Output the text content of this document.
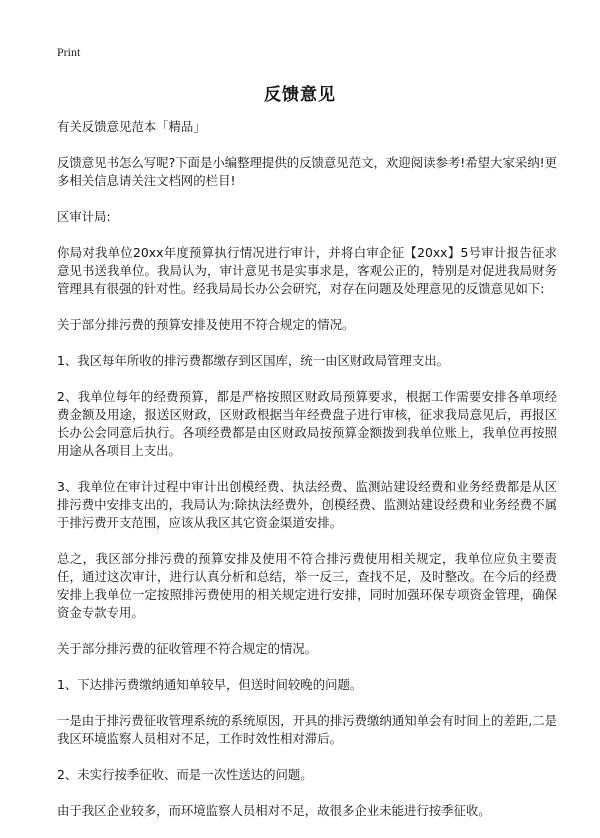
Print
反馈意见

有关反馈意见范本「精品」

反馈意见书怎么写呢?下面是小编整理提供的反馈意见范文，欢迎阅读参考!希望大家采纳!更多相关信息请关注文档网的栏目!

区审计局:

你局对我单位20xx年度预算执行情况进行审计，并将白审企征【20xx】5号审计报告征求意见书送我单位。我局认为，审计意见书是实事求是，客观公正的，特别是对促进我局财务管理具有很强的针对性。经我局局长办公会研究，对存在问题及处理意见的反馈意见如下:

关于部分排污费的预算安排及使用不符合规定的情况。

1、我区每年所收的排污费都缴存到区国库，统一由区财政局管理支出。

2、我单位每年的经费预算，都是严格按照区财政局预算要求，根据工作需要安排各单项经费金额及用途，报送区财政，区财政根据当年经费盘子进行审核，征求我局意见后，再报区长办公会同意后执行。各项经费都是由区财政局按预算金额拨到我单位账上，我单位再按照用途从各项目上支出。

3、我单位在审计过程中审计出创模经费、执法经费、监测站建设经费和业务经费都是从区排污费中安排支出的，我局认为:除执法经费外，创模经费、监测站建设经费和业务经费不属于排污费开支范围，应该从我区其它资金渠道安排。

总之，我区部分排污费的预算安排及使用不符合排污费使用相关规定，我单位应负主要责任，通过这次审计，进行认真分析和总结，举一反三，查找不足，及时整改。在今后的经费安排上我单位一定按照排污费使用的相关规定进行安排，同时加强环保专项资金管理，确保资金专款专用。

关于部分排污费的征收管理不符合规定的情况。

1、下达排污费缴纳通知单较早，但送时间较晚的问题。

一是由于排污费征收管理系统的系统原因，开具的排污费缴纳通知单会有时间上的差距,二是我区环境监察人员相对不足，工作时效性相对滞后。

2、未实行按季征收、而是一次性送达的问题。

由于我区企业较多，而环境监察人员相对不足，故很多企业未能进行按季征收。
